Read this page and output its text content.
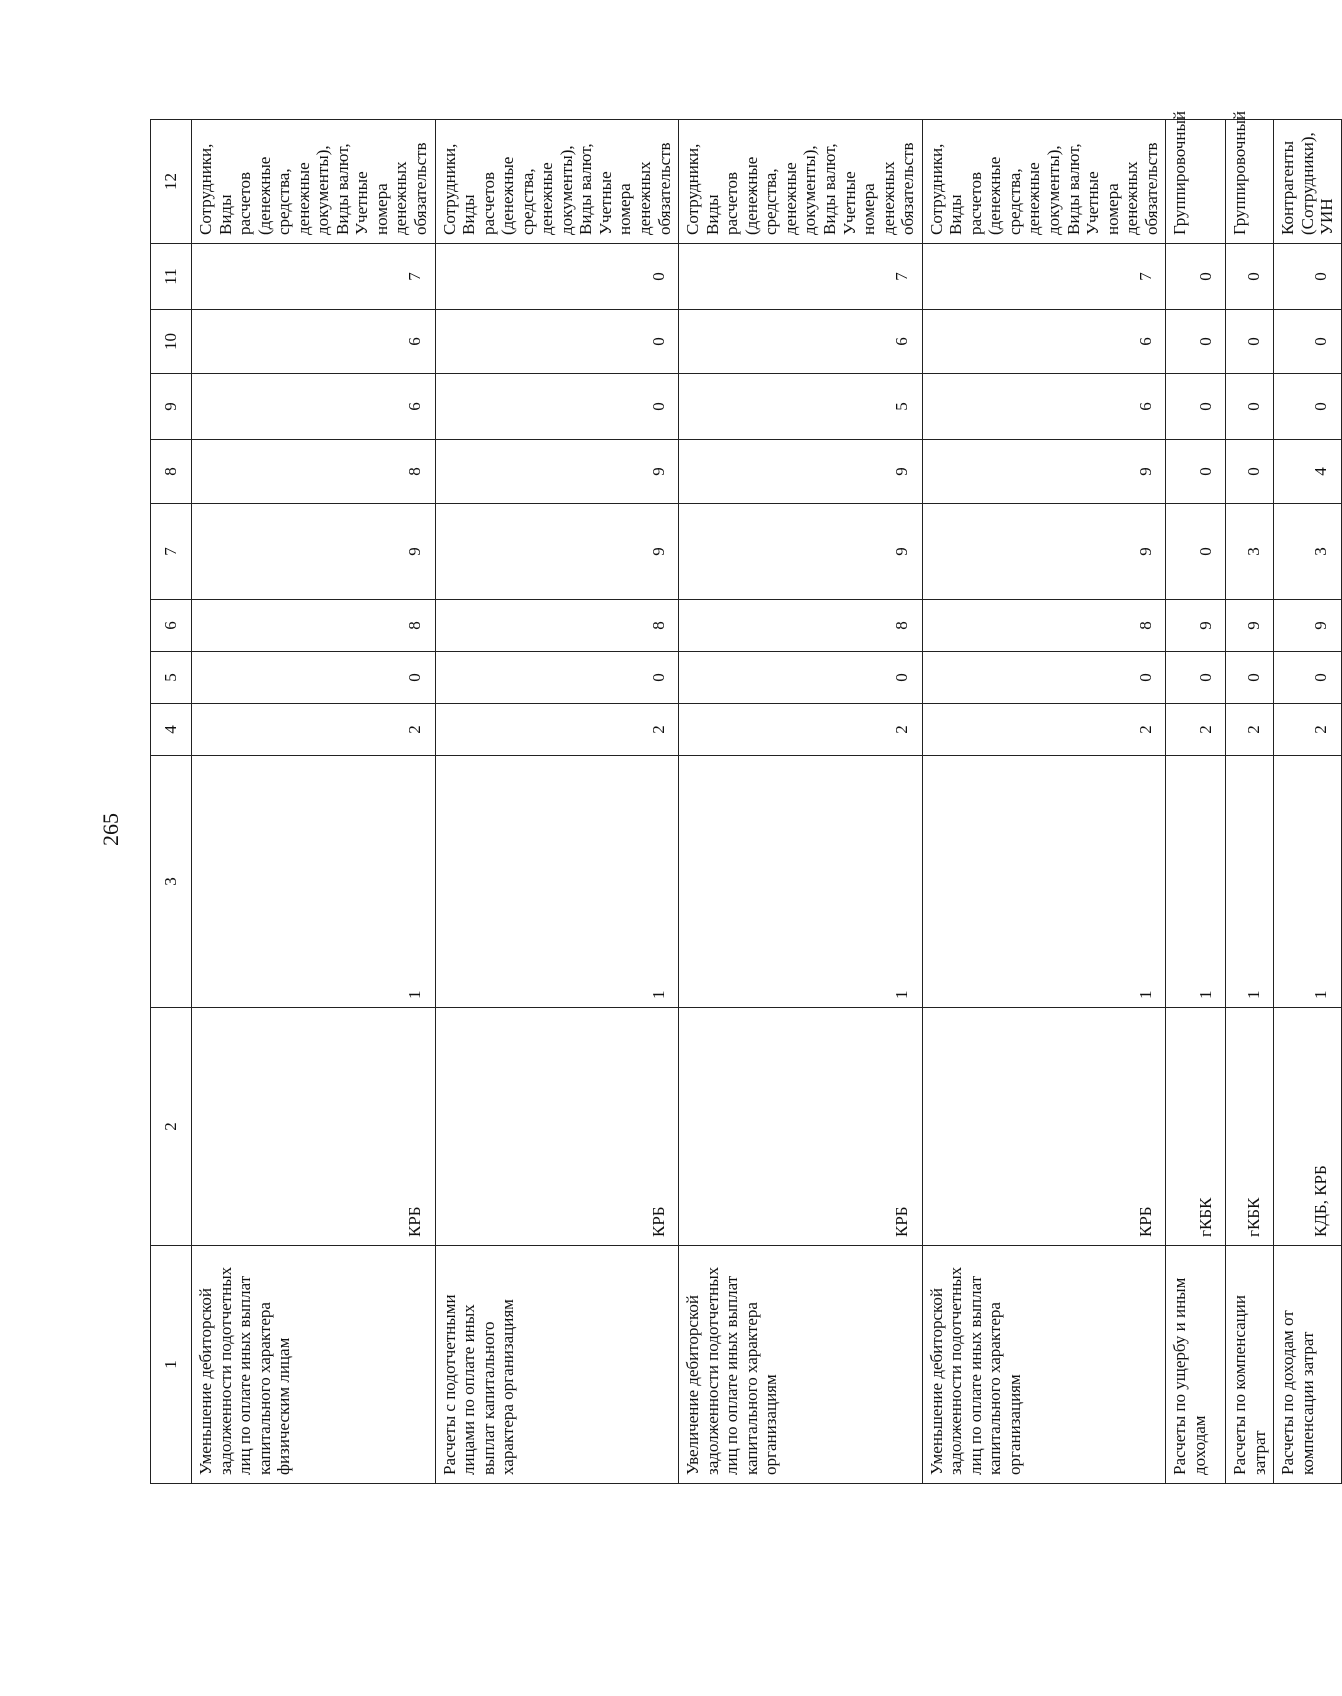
265
1	2	3	4	5	6	7	8	9	10	11	12
Уменьшение дебиторской задолженности подотчетных лиц по оплате иных выплат капитального характера физическим лицам	КРБ	1	2	0	8	9	8	6	6	7	Сотрудники, Виды расчетов (денежные средства, денежные документы), Виды валют, Учетные номера денежных обязательств
Расчеты с подотчетными лицами по оплате иных выплат капитального характера организациям	КРБ	1	2	0	8	9	9	0	0	0	Сотрудники, Виды расчетов (денежные средства, денежные документы), Виды валют, Учетные номера денежных обязательств
Увеличение дебиторской задолженности подотчетных лиц по оплате иных выплат капитального характера организациям	КРБ	1	2	0	8	9	9	5	6	7	Сотрудники, Виды расчетов (денежные средства, денежные документы), Виды валют, Учетные номера денежных обязательств
Уменьшение дебиторской задолженности подотчетных лиц по оплате иных выплат капитального характера организациям	КРБ	1	2	0	8	9	9	6	6	7	Сотрудники, Виды расчетов (денежные средства, денежные документы), Виды валют, Учетные номера денежных обязательств
Расчеты по ущербу и иным доходам	гКБК	1	2	0	9	0	0	0	0	0	Группировочный
Расчеты по компенсации затрат	гКБК	1	2	0	9	3	0	0	0	0	Группировочный
Расчеты по доходам от компенсации затрат	КДБ, КРБ	1	2	0	9	3	4	0	0	0	Контрагенты (Сотрудники), УИН
